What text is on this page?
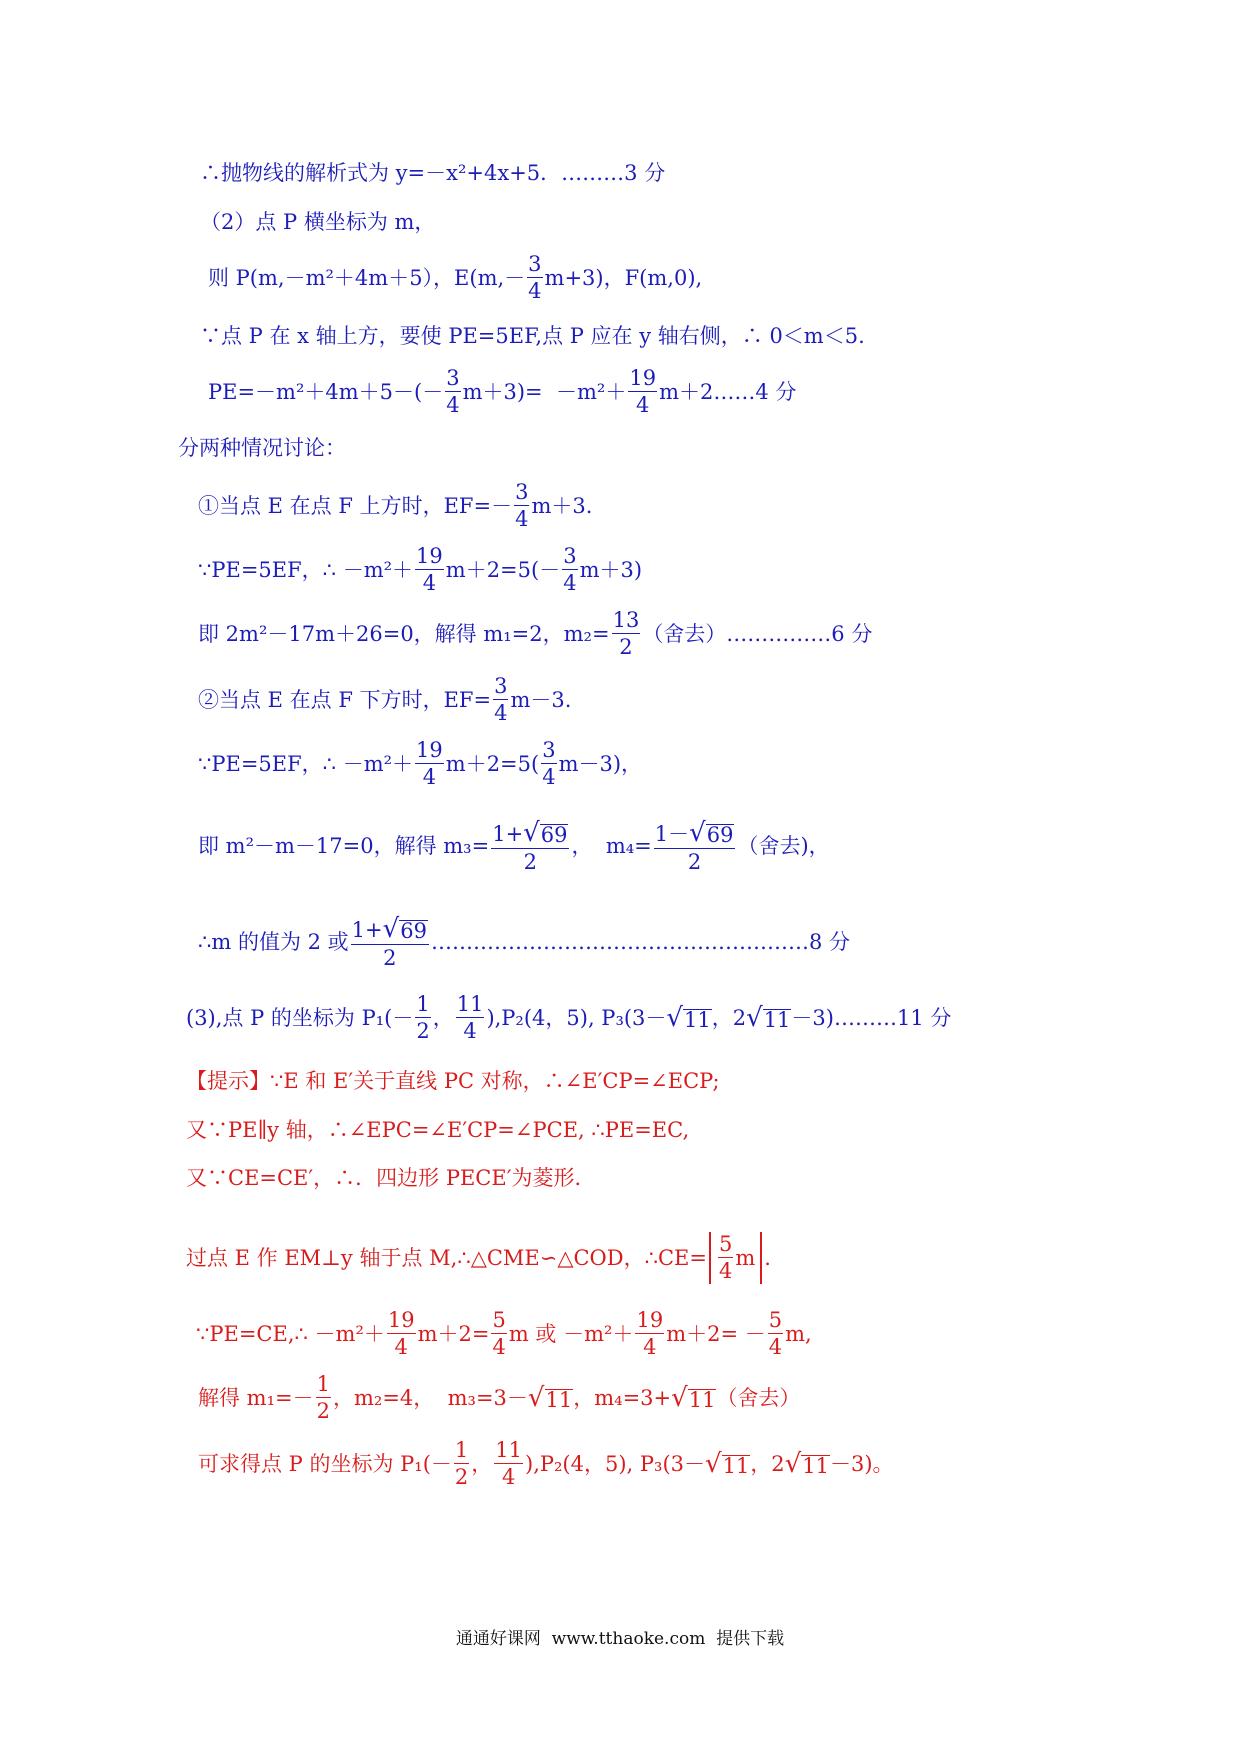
∴抛物线的解析式为 y=－x²+4x+5．………3 分
（2）点 P 横坐标为 m，
则 P(m,－m²＋4m＋5），$E(m,- \frac{3}{4} m+3)$，F(m,0),
∵点 P 在 x 轴上方，要使 PE=5EF,点 P 应在 y 轴右侧，∴ 0＜m＜5.
$PE=-m^2+4m+5-(- \frac{3}{4} m+3)= -m^2+ \frac{19}{4}$ m＋2……4 分
分两种情况讨论：
①当点 E 在点 F 上方时，$EF=- \frac{3}{4} m+3$.
∵PE=5EF，∴ $-m^2+ \frac{19}{4} m+2=5(- \frac{3}{4} m+3)$
即 2m²－17m＋26=0，解得 m₁=2，$m_2= \frac{13}{2}$ （舍去）……………6 分
②当点 E 在点 F 下方时，$EF= \frac{3}{4} m-3$.
∵PE=5EF，∴ $-m^2+ \frac{19}{4} m+2=5( \frac{3}{4} m-3)$，
即 m²－m－17=0，解得 $m_3= \frac{1+ √ 69}{2}$ ，  $m_4= \frac{1- √ 69}{2}$ （舍去)，
∴m 的值为 2 或 $\frac{1+ √ 69}{2}$ ………………………………………………8 分
(3),点 P 的坐标为 $P_1(- \frac{1}{2}$ ， $\frac{11}{4} ),P_2(4$，5), P₃(3－ √ 11 ，2 √ 11 －3)………11 分
【提示】 ∵E 和 E′关于直线 PC 对称，∴∠E′CP=∠ECP;
又∵PE∥y 轴，∴∠EPC=∠E′CP=∠PCE, ∴PE=EC,
又∵CE=CE′，∴．四边形 PECE′为菱形．
过点 E 作 EM⊥y 轴于点 M,∴△CME∽△COD，∴CE= $\frac{5}{4}$ m .
∵PE=CE,∴ $-m^2+ \frac{19}{4} m+2= \frac{5}{4}$ m 或 $-m^2+ \frac{19}{4} m+2= - \frac{5}{4} m$,
解得 $m_1=- \frac{1}{2}$ ，m₂=4，  m₃=3－ √ 11 ，m₄=3+ √ 11 （舍去）
可求得点 P 的坐标为 $P_1(- \frac{1}{2}$ ， $\frac{11}{4} ),P_2(4$，5), P₃(3－ √ 11 ，2 √ 11 －3)。
通通好课网  www.tthaoke.com  提供下载
